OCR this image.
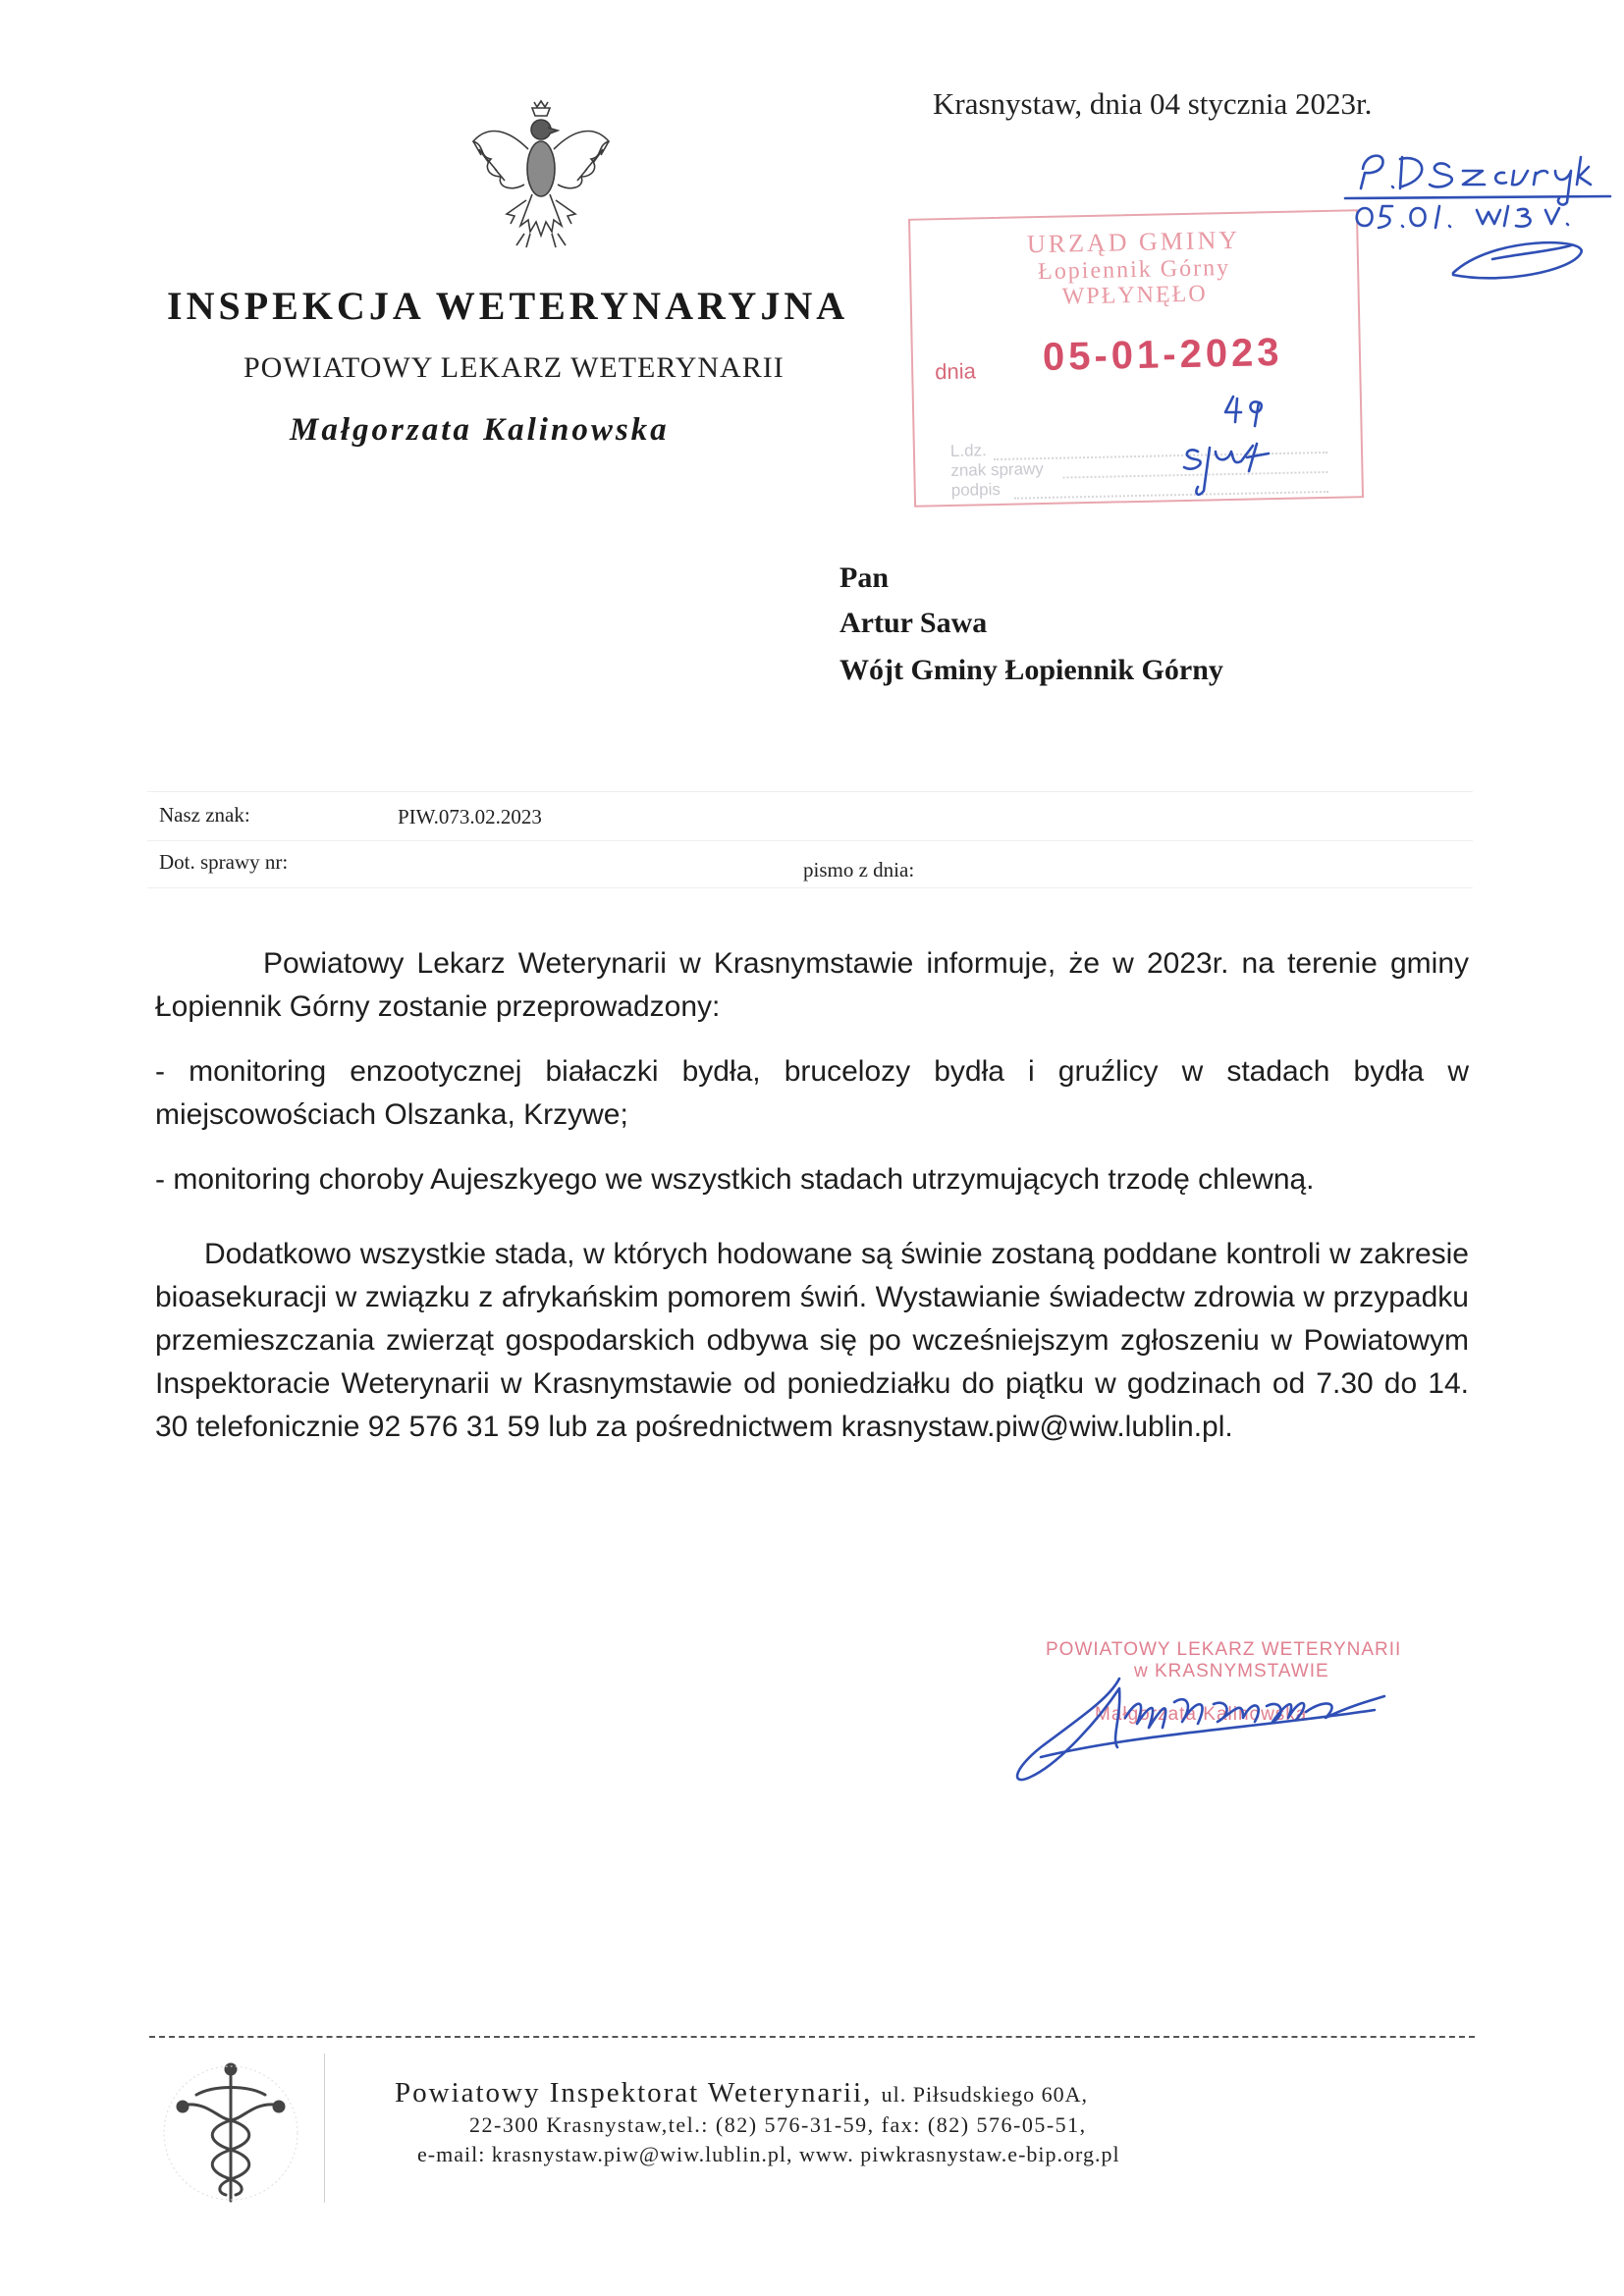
Krasnystaw, dnia 04 stycznia 2023r.
INSPEKCJA WETERYNARYJNA
POWIATOWY LEKARZ WETERYNARII
Małgorzata Kalinowska
URZĄD GMINY
Łopiennik Górny
WPŁYNĘŁO
dnia 05-01-2023
L.dz.
znak sprawy
podpis
Pan
Artur Sawa
Wójt Gminy Łopiennik Górny
Nasz znak:	PIW.073.02.2023
Dot. sprawy nr:	pismo z dnia:
Powiatowy Lekarz Weterynarii w Krasnymstawie informuje, że w 2023r. na terenie gminy Łopiennik Górny zostanie przeprowadzony:
- monitoring enzootycznej białaczki bydła, brucelozy bydła i gruźlicy w stadach bydła w miejscowościach Olszanka, Krzywe;
- monitoring choroby Aujeszkyego we wszystkich stadach utrzymujących trzodę chlewną.
Dodatkowo wszystkie stada, w których hodowane są świnie zostaną poddane kontroli w zakresie bioasekuracji w związku z afrykańskim pomorem świń. Wystawianie świadectw zdrowia w przypadku przemieszczania zwierząt gospodarskich odbywa się po wcześniejszym zgłoszeniu w Powiatowym Inspektoracie Weterynarii w Krasnymstawie od poniedziałku do piątku w godzinach od 7.30 do 14. 30 telefonicznie 92 576 31 59 lub za pośrednictwem krasnystaw.piw@wiw.lublin.pl.
POWIATOWY LEKARZ WETERYNARII
w KRASNYMSTAWIE
Małgorzata Kalinowska
Powiatowy Inspektorat Weterynarii, ul. Piłsudskiego 60A,
22-300 Krasnystaw,tel.: (82) 576-31-59, fax: (82) 576-05-51,
e-mail: krasnystaw.piw@wiw.lublin.pl, www. piwkrasnystaw.e-bip.org.pl
